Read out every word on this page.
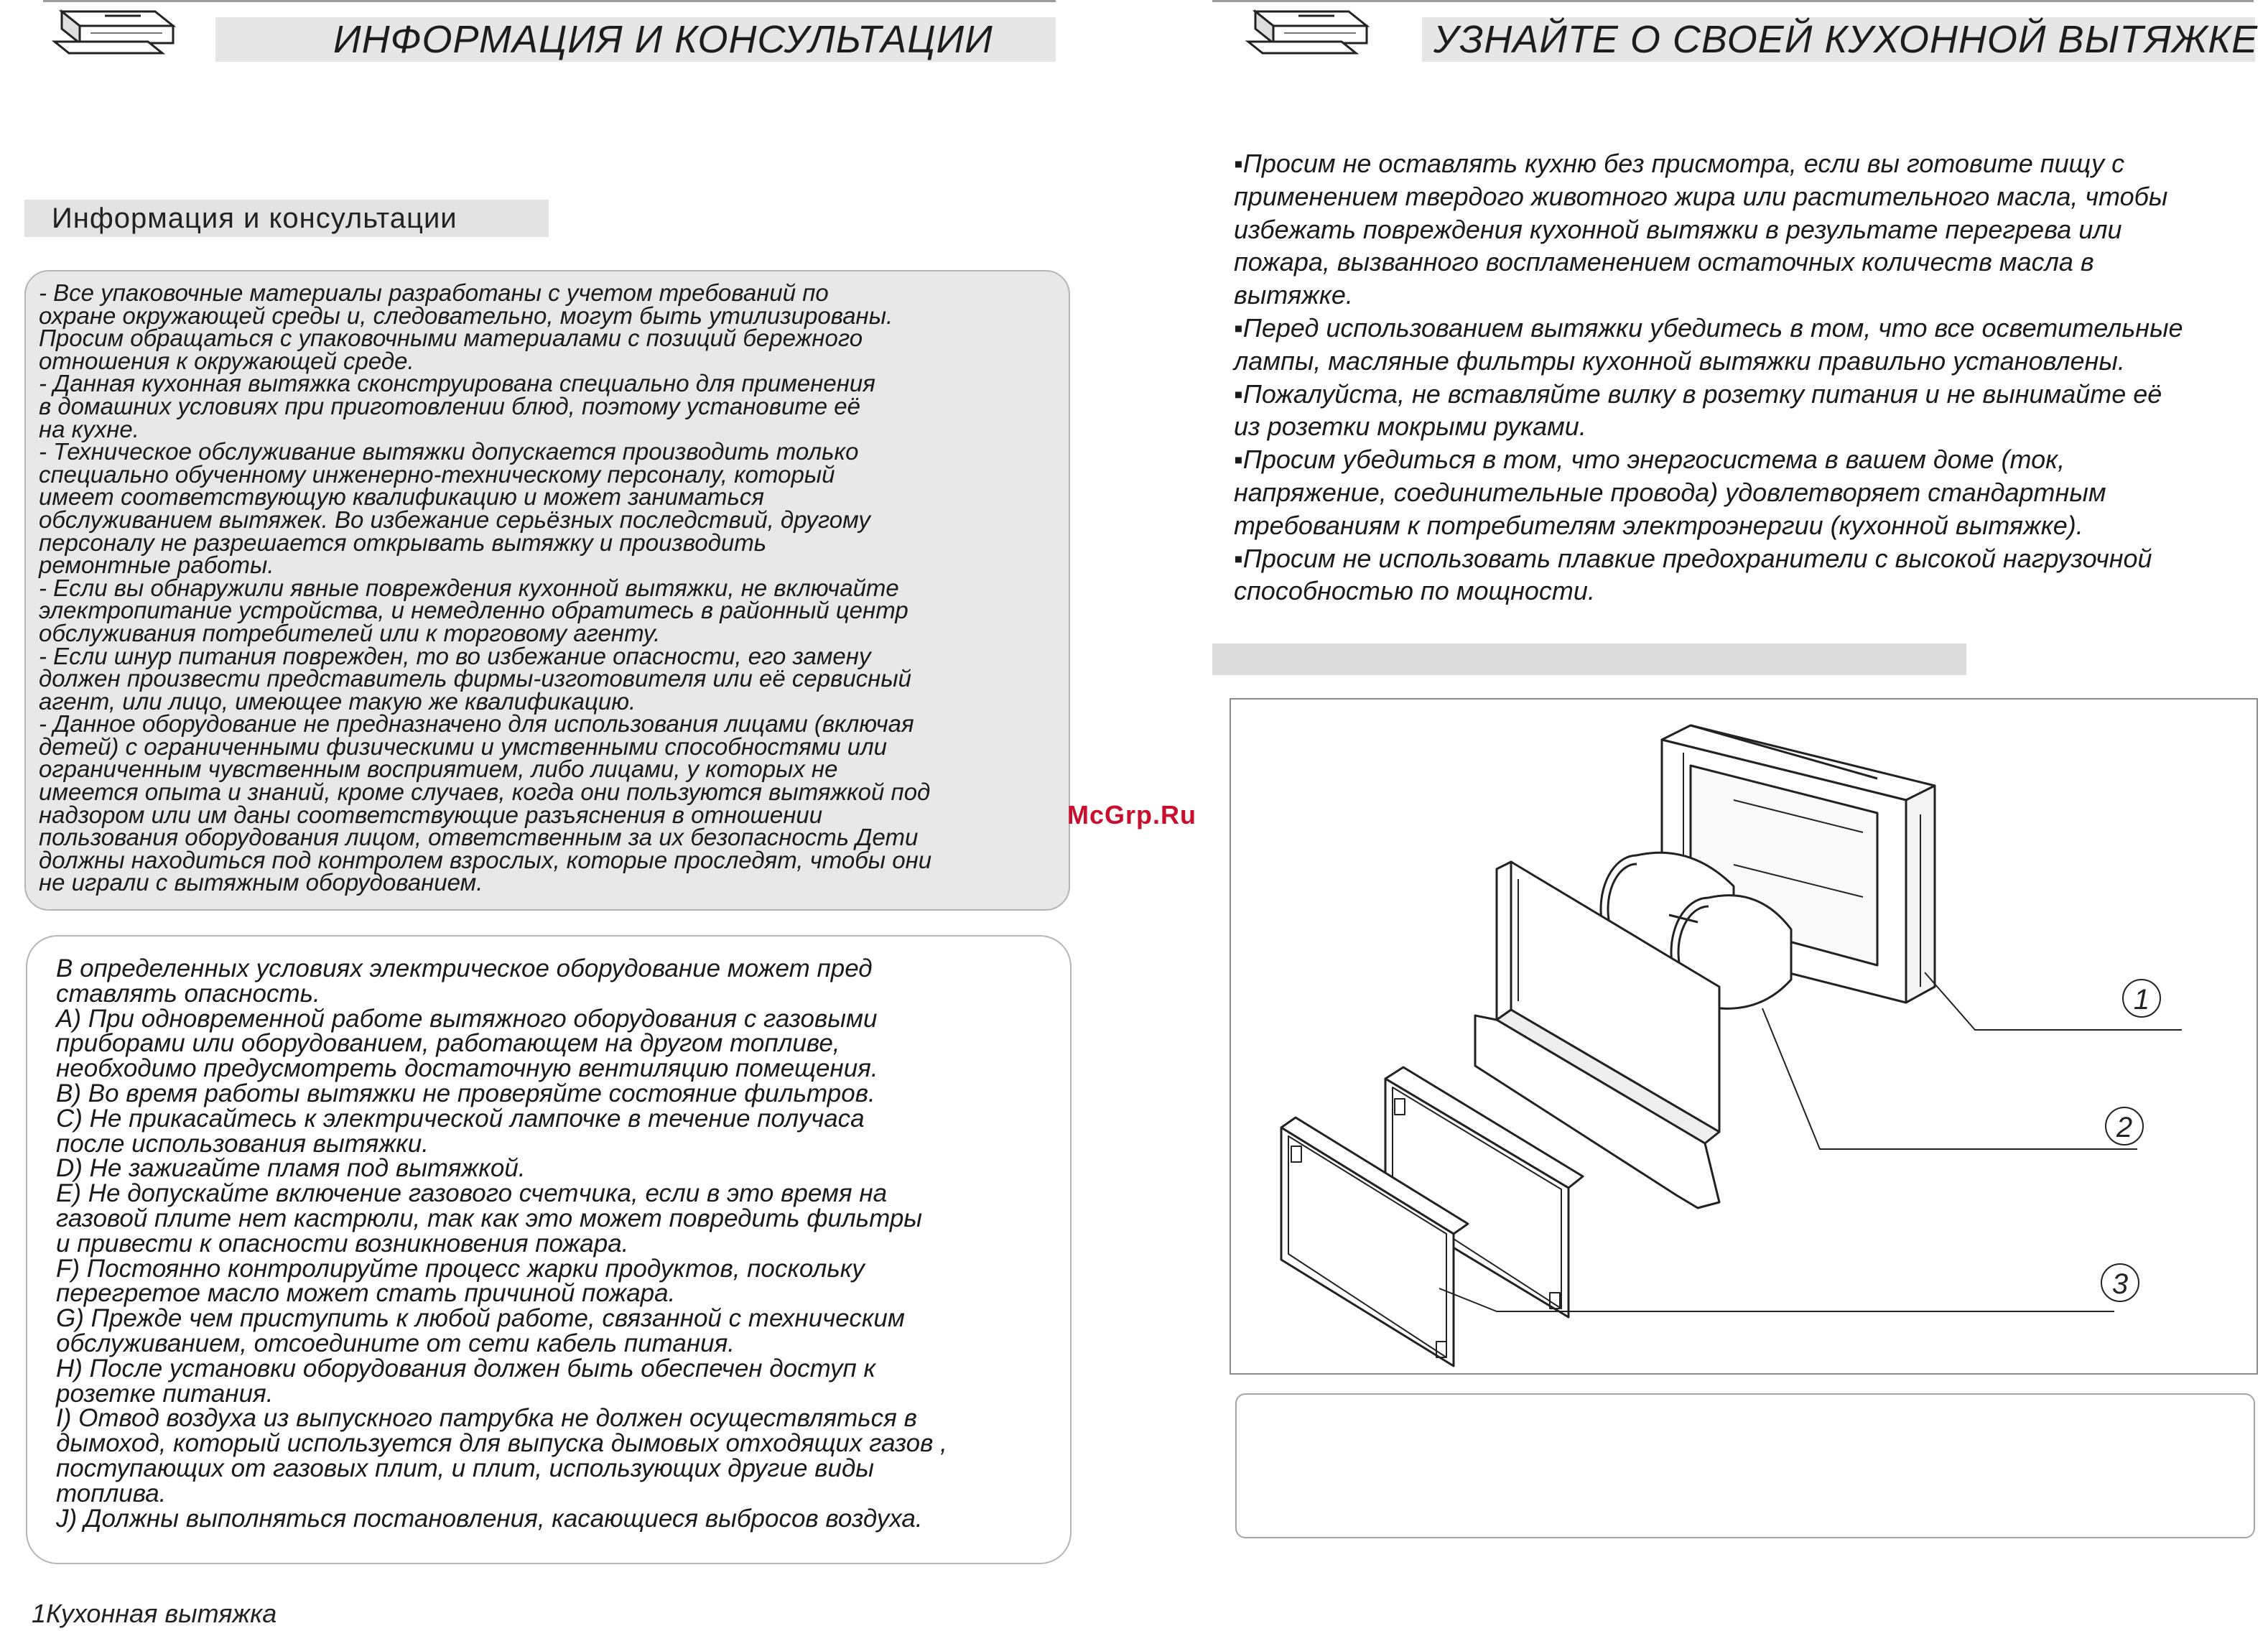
ИНФОРМАЦИЯ И КОНСУЛЬТАЦИИ
Информация и консультации

- Все упаковочные материалы разработаны с учетом требований по

охране окружающей среды и, следовательно, могут быть утилизированы.

Просим обращаться с упаковочными материалами с позиций бережного

отношения к окружающей среде.

- Данная кухонная вытяжка сконструирована специально для применения

в домашних условиях при приготовлении блюд, поэтому установите её

на кухне.

- Техническое обслуживание вытяжки допускается производить только

специально обученному инженерно-техническому персоналу, который

имеет соответствующую квалификацию и может заниматься

обслуживанием вытяжек. Во избежание серьёзных последствий, другому

персоналу не разрешается открывать вытяжку и производить

ремонтные работы.

- Если вы обнаружили явные повреждения кухонной вытяжки, не включайте

электропитание устройства, и немедленно обратитесь в районный центр

обслуживания потребителей или к торговому агенту.

- Если шнур питания поврежден, то во избежание опасности, его замену

должен произвести представитель фирмы-изготовителя или её сервисный

агент, или лицо, имеющее такую же квалификацию.

- Данное оборудование не предназначено для использования лицами (включая

детей) с ограниченными физическими и умственными способностями или

ограниченным чувственным восприятием, либо лицами, у которых не

имеется опыта и знаний, кроме случаев, когда они пользуются вытяжкой под

надзором или им даны соответствующие разъяснения в отношении

пользования оборудования лицом, ответственным за их безопасность Дети

должны находиться под контролем взрослых, которые проследят, чтобы они

не играли с вытяжным оборудованием.

McGrp.Ru

В определенных условиях электрическое оборудование может пред

ставлять опасность.

A) При одновременной работе вытяжного оборудования с газовыми

приборами или оборудованием, работающем на другом топливе,

необходимо предусмотреть достаточную вентиляцию помещения.

B) Во время работы вытяжки не проверяйте состояние фильтров.

C) Не прикасайтесь к электрической лампочке в течение получаса

после использования вытяжки.

D) Не зажигайте пламя под вытяжкой.

E) Не допускайте включение газового счетчика, если в это время на

газовой плите нет кастрюли, так как это может повредить фильтры

и привести к опасности возникновения пожара.

F) Постоянно контролируйте процесс жарки продуктов, поскольку

перегретое масло может стать причиной пожара.

G) Прежде чем приступить к любой работе, связанной с техническим

обслуживанием, отсоедините от сети кабель питания.

H) После установки оборудования должен быть обеспечен доступ к

розетке питания.

I) Отвод воздуха из выпускного патрубка не должен осуществляться в

дымоход, который используется для выпуска дымовых отходящих газов ,

поступающих от газовых плит, и плит, использующих другие виды

топлива.

J) Должны выполняться постановления, касающиеся выбросов воздуха.

1Кухонная вытяжка
УЗНАЙТЕ О СВОЕЙ КУХОННОЙ ВЫТЯЖКЕ

▪Просим не оставлять кухню без присмотра, если вы готовите пищу с

применением твердого животного жира или растительного масла, чтобы

избежать повреждения кухонной вытяжки в результате перегрева или

пожара, вызванного воспламенением остаточных количеств масла в

вытяжке.

▪Перед использованием вытяжки убедитесь в том, что все осветительные

лампы, масляные фильтры кухонной вытяжки правильно установлены.

▪Пожалуйста, не вставляйте вилку в розетку питания и не вынимайте её

из розетки мокрыми руками.

▪Просим убедиться в том, что энергосистема в вашем доме (ток,

напряжение, соединительные провода) удовлетворяет стандартным

требованиям к потребителям электроэнергии (кухонной вытяжке).

▪Просим не использовать плавкие предохранители с высокой нагрузочной

способностью по мощности.

1
2
3
